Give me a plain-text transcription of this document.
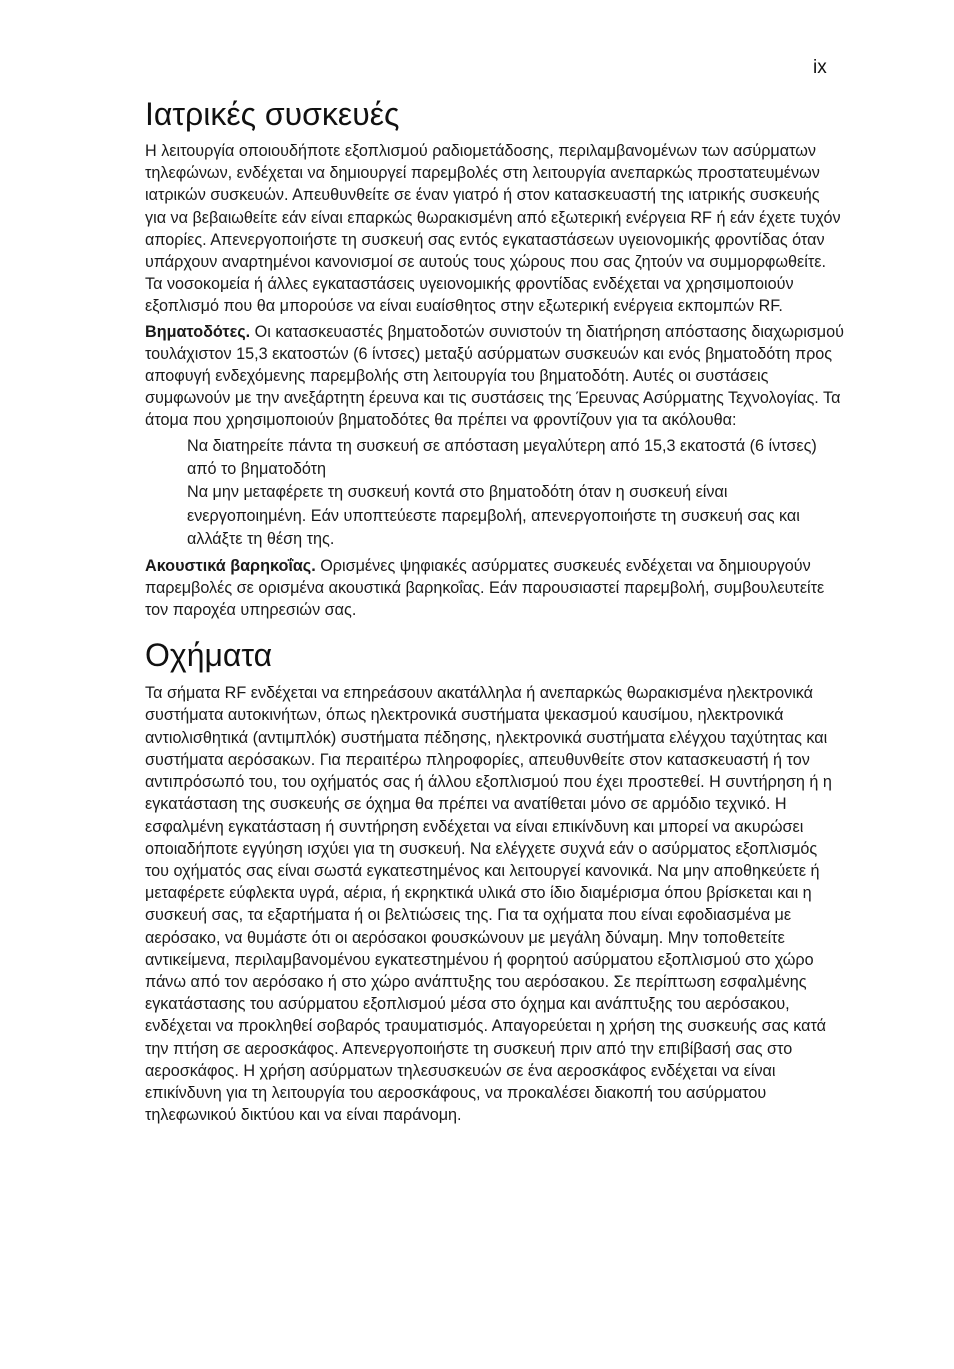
ix
Ιατρικές συσκευές

Η λειτουργία οποιουδήποτε εξοπλισμού ραδιομετάδοσης, περιλαμβανομένων των ασύρματων τηλεφώνων, ενδέχεται να δημιουργεί παρεμβολές στη λειτουργία ανεπαρκώς προστατευμένων ιατρικών συσκευών. Απευθυνθείτε σε έναν γιατρό ή στον κατασκευαστή της ιατρικής συσκευής για να βεβαιωθείτε εάν είναι επαρκώς θωρακισμένη από εξωτερική ενέργεια RF ή εάν έχετε τυχόν απορίες. Απενεργοποιήστε τη συσκευή σας εντός εγκαταστάσεων υγειονομικής φροντίδας όταν υπάρχουν αναρτημένοι κανονισμοί σε αυτούς τους χώρους που σας ζητούν να συμμορφωθείτε. Τα νοσοκομεία ή άλλες εγκαταστάσεις υγειονομικής φροντίδας ενδέχεται να χρησιμοποιούν εξοπλισμό που θα μπορούσε να είναι ευαίσθητος στην εξωτερική ενέργεια εκπομπών RF.

Βηματοδότες. Οι κατασκευαστές βηματοδοτών συνιστούν τη διατήρηση απόστασης διαχωρισμού τουλάχιστον 15,3 εκατοστών (6 ίντσες) μεταξύ ασύρματων συσκευών και ενός βηματοδότη προς αποφυγή ενδεχόμενης παρεμβολής στη λειτουργία του βηματοδότη. Αυτές οι συστάσεις συμφωνούν με την ανεξάρτητη έρευνα και τις συστάσεις της Έρευνας Ασύρματης Τεχνολογίας. Τα άτομα που χρησιμοποιούν βηματοδότες θα πρέπει να φροντίζουν για τα ακόλουθα:

Να διατηρείτε πάντα τη συσκευή σε απόσταση μεγαλύτερη από 15,3 εκατοστά (6 ίντσες) από το βηματοδότη
Να μην μεταφέρετε τη συσκευή κοντά στο βηματοδότη όταν η συσκευή είναι ενεργοποιημένη. Εάν υποπτεύεστε παρεμβολή, απενεργοποιήστε τη συσκευή σας και αλλάξτε τη θέση της.

Ακουστικά βαρηκοΐας. Ορισμένες ψηφιακές ασύρματες συσκευές ενδέχεται να δημιουργούν παρεμβολές σε ορισμένα ακουστικά βαρηκοΐας. Εάν παρουσιαστεί παρεμβολή, συμβουλευτείτε τον παροχέα υπηρεσιών σας.

Οχήματα

Τα σήματα RF ενδέχεται να επηρεάσουν ακατάλληλα ή ανεπαρκώς θωρακισμένα ηλεκτρονικά συστήματα αυτοκινήτων, όπως ηλεκτρονικά συστήματα ψεκασμού καυσίμου, ηλεκτρονικά αντιολισθητικά (αντιμπλόκ) συστήματα πέδησης, ηλεκτρονικά συστήματα ελέγχου ταχύτητας και συστήματα αερόσακων. Για περαιτέρω πληροφορίες, απευθυνθείτε στον κατασκευαστή ή τον αντιπρόσωπό του, του οχήματός σας ή άλλου εξοπλισμού που έχει προστεθεί. Η συντήρηση ή η εγκατάσταση της συσκευής σε όχημα θα πρέπει να ανατίθεται μόνο σε αρμόδιο τεχνικό. Η εσφαλμένη εγκατάσταση ή συντήρηση ενδέχεται να είναι επικίνδυνη και μπορεί να ακυρώσει οποιαδήποτε εγγύηση ισχύει για τη συσκευή. Να ελέγχετε συχνά εάν ο ασύρματος εξοπλισμός του οχήματός σας είναι σωστά εγκατεστημένος και λειτουργεί κανονικά. Να μην αποθηκεύετε ή μεταφέρετε εύφλεκτα υγρά, αέρια, ή εκρηκτικά υλικά στο ίδιο διαμέρισμα όπου βρίσκεται και η συσκευή σας, τα εξαρτήματα ή οι βελτιώσεις της. Για τα οχήματα που είναι εφοδιασμένα με αερόσακο, να θυμάστε ότι οι αερόσακοι φουσκώνουν με μεγάλη δύναμη. Μην τοποθετείτε αντικείμενα, περιλαμβανομένου εγκατεστημένου ή φορητού ασύρματου εξοπλισμού στο χώρο πάνω από τον αερόσακο ή στο χώρο ανάπτυξης του αερόσακου. Σε περίπτωση εσφαλμένης εγκατάστασης του ασύρματου εξοπλισμού μέσα στο όχημα και ανάπτυξης του αερόσακου, ενδέχεται να προκληθεί σοβαρός τραυματισμός. Απαγορεύεται η χρήση της συσκευής σας κατά την πτήση σε αεροσκάφος. Απενεργοποιήστε τη συσκευή πριν από την επιβίβασή σας στο αεροσκάφος. Η χρήση ασύρματων τηλεσυσκευών σε ένα αεροσκάφος ενδέχεται να είναι επικίνδυνη για τη λειτουργία του αεροσκάφους, να προκαλέσει διακοπή του ασύρματου τηλεφωνικού δικτύου και να είναι παράνομη.
